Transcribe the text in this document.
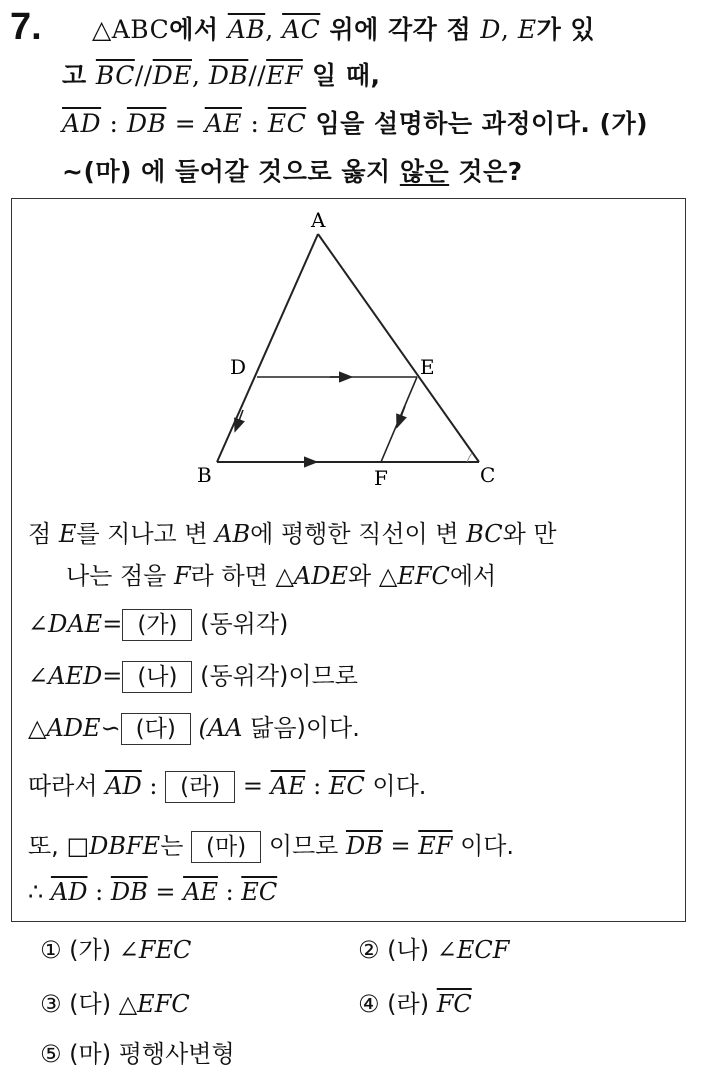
7. △ABC에서 $\overline{AB}$, $\overline{AC}$ 위에 각각 점 D, E가 있
고 $\overline{BC}//\overline{DE}$, $\overline{DB}//\overline{EF}$ 일 때,
$\overline{AD}$ : $\overline{DB} = \overline{AE}$ : $\overline{EC}$ 임을 설명하는 과정이다. (가)
~(마) 에 들어갈 것으로 옳지 않은 것은?
A
D	E
B	F	C
점 E를 지나고 변 AB에 평행한 직선이 변 BC와 만
나는 점을 F라 하면 △ADE와 △EFC에서
∠DAE= (가) (동위각)
∠AED= (나) (동위각)이므로
△ADE∽ (다) (AA 닮음)이다.
따라서 $\overline{AD}$ : (라) = $\overline{AE}$ : $\overline{EC}$ 이다.
또, □DBFE는 (마) 이므로 $\overline{DB} = \overline{EF}$ 이다.
∴ $\overline{AD}$ : $\overline{DB} = \overline{AE}$ : $\overline{EC}$
① (가) ∠FEC	② (나) ∠ECF
③ (다) △EFC	④ (라) $\overline{FC}$
⑤ (마) 평행사변형
